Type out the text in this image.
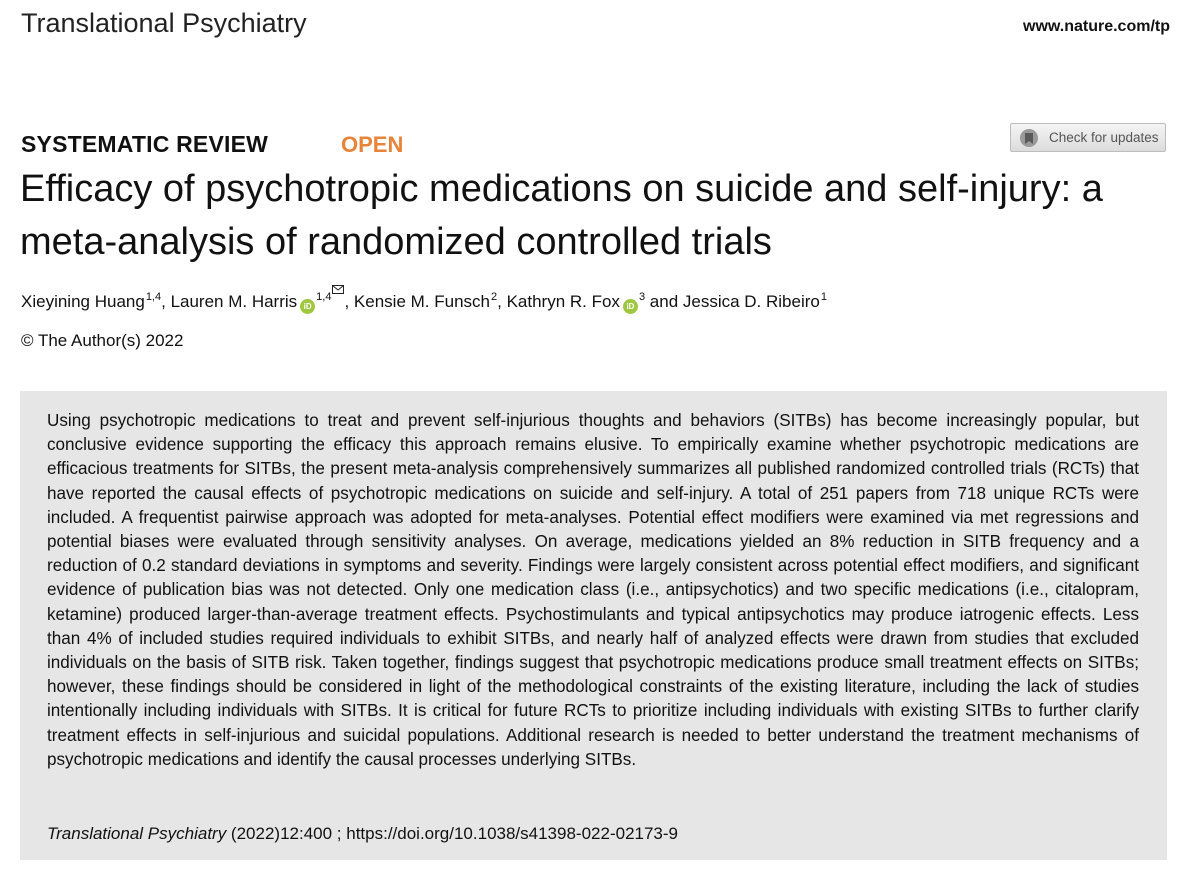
Translational Psychiatry	www.nature.com/tp
SYSTEMATIC REVIEW	OPEN	Check for updates
Efficacy of psychotropic medications on suicide and self-injury: a meta-analysis of randomized controlled trials
Xieyining Huang$^{1,4}$, Lauren M. Harris iD$^{1,4}$ , Kensie M. Funsch$^2$, Kathryn R. Fox $iD^3$ and Jessica D. Ribeiro$^1$
© The Author(s) 2022

Using psychotropic medications to treat and prevent self-injurious thoughts and behaviors (SITBs) has become increasingly popular, but conclusive evidence supporting the efficacy this approach remains elusive. To empirically examine whether psychotropic medications are efficacious treatments for SITBs, the present meta-analysis comprehensively summarizes all published randomized controlled trials (RCTs) that have reported the causal effects of psychotropic medications on suicide and self-injury. A total of 251 papers from 718 unique RCTs were included. A frequentist pairwise approach was adopted for meta-analyses. Potential effect modifiers were examined via met regressions and potential biases were evaluated through sensitivity analyses. On average, medications yielded an 8% reduction in SITB frequency and a reduction of 0.2 standard deviations in symptoms and severity. Findings were largely consistent across potential effect modifiers, and significant evidence of publication bias was not detected. Only one medication class (i.e., antipsychotics) and two specific medications (i.e., citalopram, ketamine) produced larger-than-average treatment effects. Psychostimulants and typical antipsychotics may produce iatrogenic effects. Less than 4% of included studies required individuals to exhibit SITBs, and nearly half of analyzed effects were drawn from studies that excluded individuals on the basis of SITB risk. Taken together, findings suggest that psychotropic medications produce small treatment effects on SITBs; however, these findings should be considered in light of the methodological constraints of the existing literature, including the lack of studies intentionally including individuals with SITBs. It is critical for future RCTs to prioritize including individuals with existing SITBs to further clarify treatment effects in self-injurious and suicidal populations. Additional research is needed to better understand the treatment mechanisms of psychotropic medications and identify the causal processes underlying SITBs.

Translational Psychiatry (2022)12:400 ; https://doi.org/10.1038/s41398-022-02173-9
